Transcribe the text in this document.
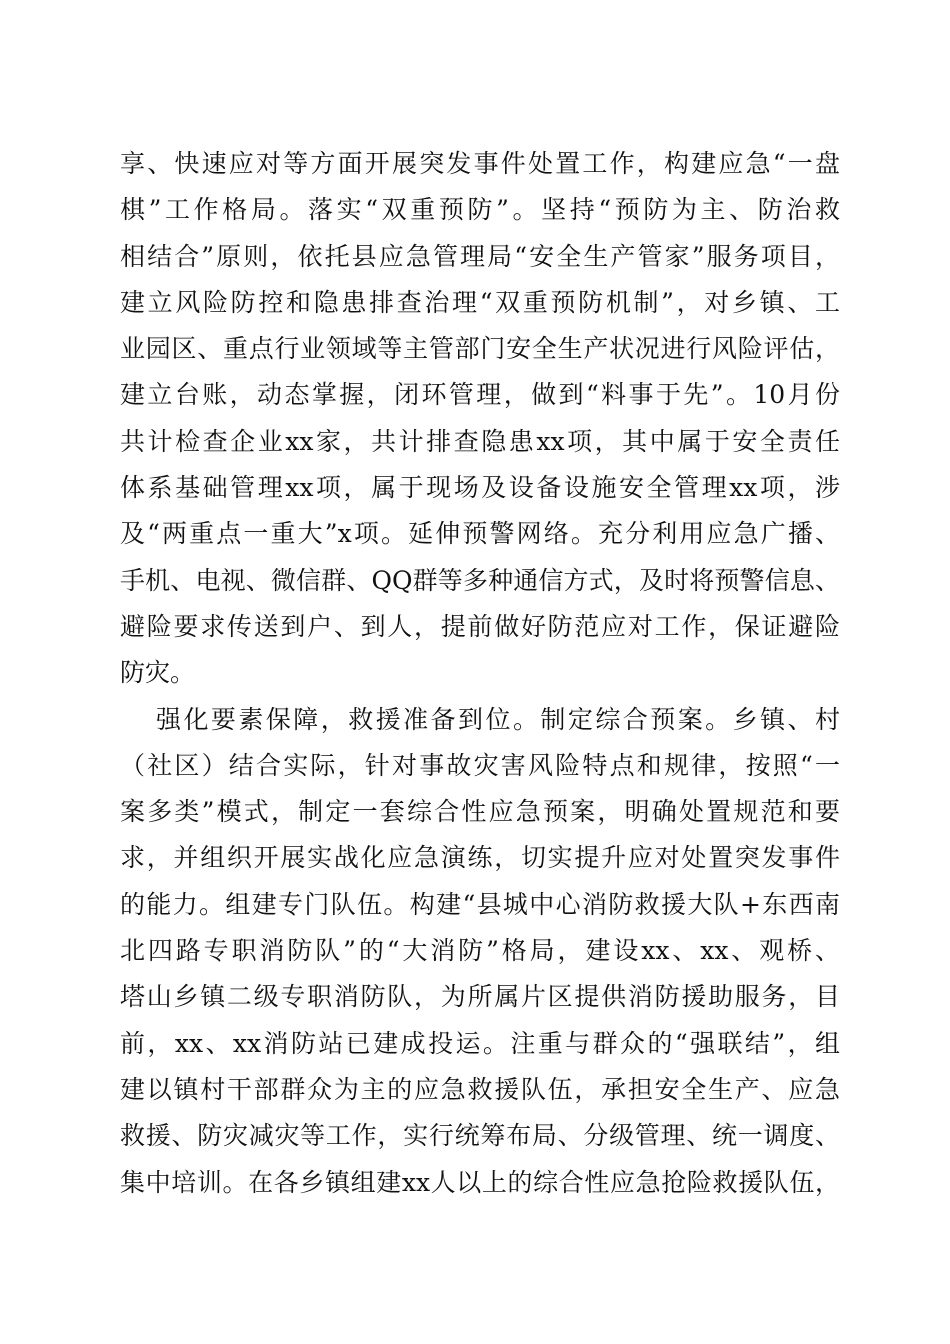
享、快速应对等方面开展突发事件处置工作，构建应急“一盘
棋”工作格局。落实“双重预防”。坚持“预防为主、防治救
相结合”原则，依托县应急管理局“安全生产管家”服务项目，
建立风险防控和隐患排查治理“双重预防机制”，对乡镇、工
业园区、重点行业领域等主管部门安全生产状况进行风险评估，
建立台账，动态掌握，闭环管理，做到“料事于先”。10月份
共计检查企业xx家，共计排查隐患xx项，其中属于安全责任
体系基础管理xx项，属于现场及设备设施安全管理xx项，涉
及“两重点一重大”x项。延伸预警网络。充分利用应急广播、
手机、电视、微信群、QQ群等多种通信方式，及时将预警信息、
避险要求传送到户、到人，提前做好防范应对工作，保证避险
防灾。
强化要素保障，救援准备到位。制定综合预案。乡镇、村
（社区）结合实际，针对事故灾害风险特点和规律，按照“一
案多类”模式，制定一套综合性应急预案，明确处置规范和要
求，并组织开展实战化应急演练，切实提升应对处置突发事件
的能力。组建专门队伍。构建“县城中心消防救援大队+东西南
北四路专职消防队”的“大消防”格局，建设xx、xx、观桥、
塔山乡镇二级专职消防队，为所属片区提供消防援助服务，目
前，xx、xx消防站已建成投运。注重与群众的“强联结”，组
建以镇村干部群众为主的应急救援队伍，承担安全生产、应急
救援、防灾减灾等工作，实行统筹布局、分级管理、统一调度、
集中培训。在各乡镇组建xx人以上的综合性应急抢险救援队伍，
